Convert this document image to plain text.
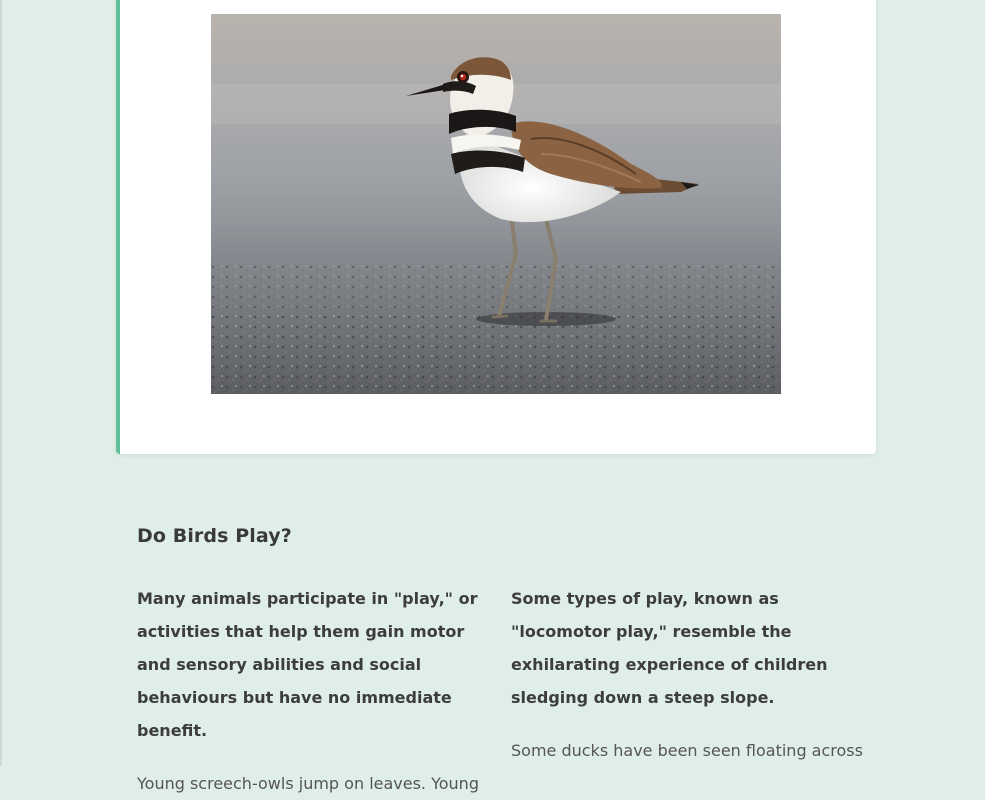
Do Birds Play?

Many animals participate in "play," or activities that help them gain motor and sensory abilities and social behaviours but have no immediate benefit.

Young screech-owls jump on leaves. Young

Some types of play, known as "locomotor play," resemble the exhilarating experience of children sledging down a steep slope.

Some ducks have been seen floating across
